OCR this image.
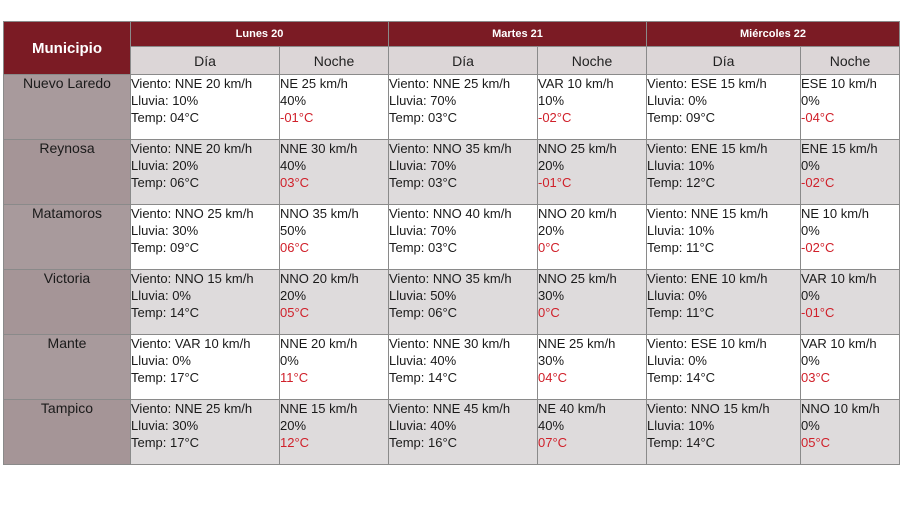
Municipio	Lunes 20		Martes 21		Miércoles 22	
	Día	Noche	Día	Noche	Día	Noche
Nuevo Laredo	Viento: NNE 20 km/h
Lluvia: 10%
Temp: 04°C	NE 25 km/h
40%
-01°C	Viento: NNE 25 km/h
Lluvia: 70%
Temp: 03°C	VAR 10 km/h
10%
-02°C	Viento: ESE 15 km/h
Lluvia: 0%
Temp: 09°C	ESE 10 km/h
0%
-04°C

Reynosa	Viento: NNE 20 km/h
Lluvia: 20%
Temp: 06°C	NNE 30 km/h
40%
03°C	Viento: NNO 35 km/h
Lluvia: 70%
Temp: 03°C	NNO 25 km/h
20%
-01°C	Viento: ENE 15 km/h
Lluvia: 10%
Temp: 12°C	ENE 15 km/h
0%
-02°C

Matamoros	Viento: NNO 25 km/h
Lluvia: 30%
Temp: 09°C	NNO 35 km/h
50%
06°C	Viento: NNO 40 km/h
Lluvia: 70%
Temp: 03°C	NNO 20 km/h
20%
0°C	Viento: NNE 15 km/h
Lluvia: 10%
Temp: 11°C	NE 10 km/h
0%
-02°C

Victoria	Viento: NNO 15 km/h
Lluvia: 0%
Temp: 14°C	NNO 20 km/h
20%
05°C	Viento: NNO 35 km/h
Lluvia: 50%
Temp: 06°C	NNO 25 km/h
30%
0°C	Viento: ENE 10 km/h
Lluvia: 0%
Temp: 11°C	VAR 10 km/h
0%
-01°C

Mante	Viento: VAR 10 km/h
Lluvia: 0%
Temp: 17°C	NNE 20 km/h
0%
11°C	Viento: NNE 30 km/h
Lluvia: 40%
Temp: 14°C	NNE 25 km/h
30%
04°C	Viento: ESE 10 km/h
Lluvia: 0%
Temp: 14°C	VAR 10 km/h
0%
03°C

Tampico	Viento: NNE 25 km/h
Lluvia: 30%
Temp: 17°C	NNE 15 km/h
20%
12°C	Viento: NNE 45 km/h
Lluvia: 40%
Temp: 16°C	NE 40 km/h
40%
07°C	Viento: NNO 15 km/h
Lluvia: 10%
Temp: 14°C	NNO 10 km/h
0%
05°C
